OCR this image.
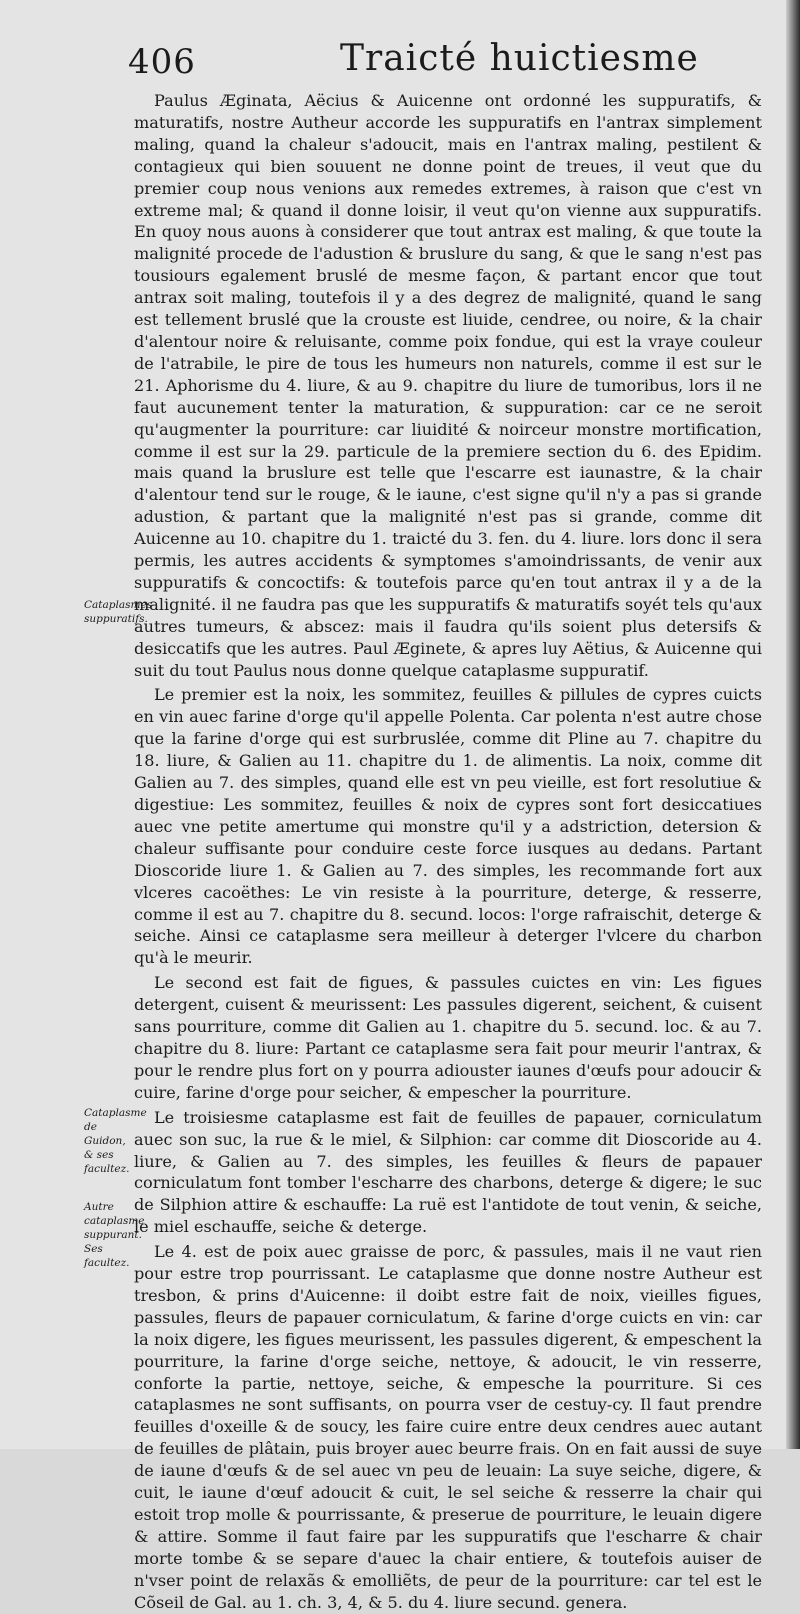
406	Traicté huictiesme
Cataplasmes suppuratifs.
Cataplasme de Guidon, & ses facultez.
Autre cataplasme suppurant. Ses facultez.

Paulus Æginata, Aëcius & Auicenne ont ordonné les suppuratifs, & maturatifs, nostre Autheur accorde les suppuratifs en l'antrax simplement maling, quand la chaleur s'adoucit, mais en l'antrax maling, pestilent & contagieux qui bien souuent ne donne point de treues, il veut que du premier coup nous venions aux remedes extremes, à raison que c'est vn extreme mal; & quand il donne loisir, il veut qu'on vienne aux suppuratifs. En quoy nous auons à considerer que tout antrax est maling, & que toute la malignité procede de l'adustion & bruslure du sang, & que le sang n'est pas tousiours egalement bruslé de mesme façon, & partant encor que tout antrax soit maling, toutefois il y a des degrez de malignité, quand le sang est tellement bruslé que la crouste est liuide, cendree, ou noire, & la chair d'alentour noire & reluisante, comme poix fondue, qui est la vraye couleur de l'atrabile, le pire de tous les humeurs non naturels, comme il est sur le 21. Aphorisme du 4. liure, & au 9. chapitre du liure de tumoribus, lors il ne faut aucunement tenter la maturation, & suppuration: car ce ne seroit qu'augmenter la pourriture: car liuidité & noirceur monstre mortification, comme il est sur la 29. particule de la premiere section du 6. des Epidim. mais quand la bruslure est telle que l'escarre est iaunastre, & la chair d'alentour tend sur le rouge, & le iaune, c'est signe qu'il n'y a pas si grande adustion, & partant que la malignité n'est pas si grande, comme dit Auicenne au 10. chapitre du 1. traicté du 3. fen. du 4. liure. lors donc il sera permis, les autres accidents & symptomes s'amoindrissants, de venir aux suppuratifs & concoctifs: & toutefois parce qu'en tout antrax il y a de la malignité. il ne faudra pas que les suppuratifs & maturatifs soyét tels qu'aux autres tumeurs, & abscez: mais il faudra qu'ils soient plus detersifs & desiccatifs que les autres. Paul Æginete, & apres luy Aëtius, & Auicenne qui suit du tout Paulus nous donne quelque cataplasme suppuratif.

Le premier est la noix, les sommitez, feuilles & pillules de cypres cuicts en vin auec farine d'orge qu'il appelle Polenta. Car polenta n'est autre chose que la farine d'orge qui est surbruslée, comme dit Pline au 7. chapitre du 18. liure, & Galien au 11. chapitre du 1. de alimentis. La noix, comme dit Galien au 7. des simples, quand elle est vn peu vieille, est fort resolutiue & digestiue: Les sommitez, feuilles & noix de cypres sont fort desiccatiues auec vne petite amertume qui monstre qu'il y a adstriction, detersion & chaleur suffisante pour conduire ceste force iusques au dedans. Partant Dioscoride liure 1. & Galien au 7. des simples, les recommande fort aux vlceres cacoëthes: Le vin resiste à la pourriture, deterge, & resserre, comme il est au 7. chapitre du 8. secund. locos: l'orge rafraischit, deterge & seiche. Ainsi ce cataplasme sera meilleur à deterger l'vlcere du charbon qu'à le meurir.

Le second est fait de figues, & passules cuictes en vin: Les figues detergent, cuisent & meurissent: Les passules digerent, seichent, & cuisent sans pourriture, comme dit Galien au 1. chapitre du 5. secund. loc. & au 7. chapitre du 8. liure: Partant ce cataplasme sera fait pour meurir l'antrax, & pour le rendre plus fort on y pourra adiouster iaunes d'œufs pour adoucir & cuire, farine d'orge pour seicher, & empescher la pourriture.

Le troisiesme cataplasme est fait de feuilles de papauer, corniculatum auec son suc, la rue & le miel, & Silphion: car comme dit Dioscoride au 4. liure, & Galien au 7. des simples, les feuilles & fleurs de papauer corniculatum font tomber l'escharre des charbons, deterge & digere; le suc de Silphion attire & eschauffe: La ruë est l'antidote de tout venin, & seiche, le miel eschauffe, seiche & deterge.

Le 4. est de poix auec graisse de porc, & passules, mais il ne vaut rien pour estre trop pourrissant. Le cataplasme que donne nostre Autheur est tresbon, & prins d'Auicenne: il doibt estre fait de noix, vieilles figues, passules, fleurs de papauer corniculatum, & farine d'orge cuicts en vin: car la noix digere, les figues meurissent, les passules digerent, & empeschent la pourriture, la farine d'orge seiche, nettoye, & adoucit, le vin resserre, conforte la partie, nettoye, seiche, & empesche la pourriture. Si ces cataplasmes ne sont suffisants, on pourra vser de cestuy-cy. Il faut prendre feuilles d'oxeille & de soucy, les faire cuire entre deux cendres auec autant de feuilles de plâtain, puis broyer auec beurre frais. On en fait aussi de suye de iaune d'œufs & de sel auec vn peu de leuain: La suye seiche, digere, & cuit, le iaune d'œuf adoucit & cuit, le sel seiche & resserre la chair qui estoit trop molle & pourrissante, & preserue de pourriture, le leuain digere & attire. Somme il faut faire par les suppuratifs que l'escharre & chair morte tombe & se separe d'auec la chair entiere, & toutefois auiser de n'vser point de relaxãs & emolliẽts, de peur de la pourriture: car tel est le Cõseil de Gal. au 1. ch. 3, 4, & 5. du 4. liure secund. genera.
